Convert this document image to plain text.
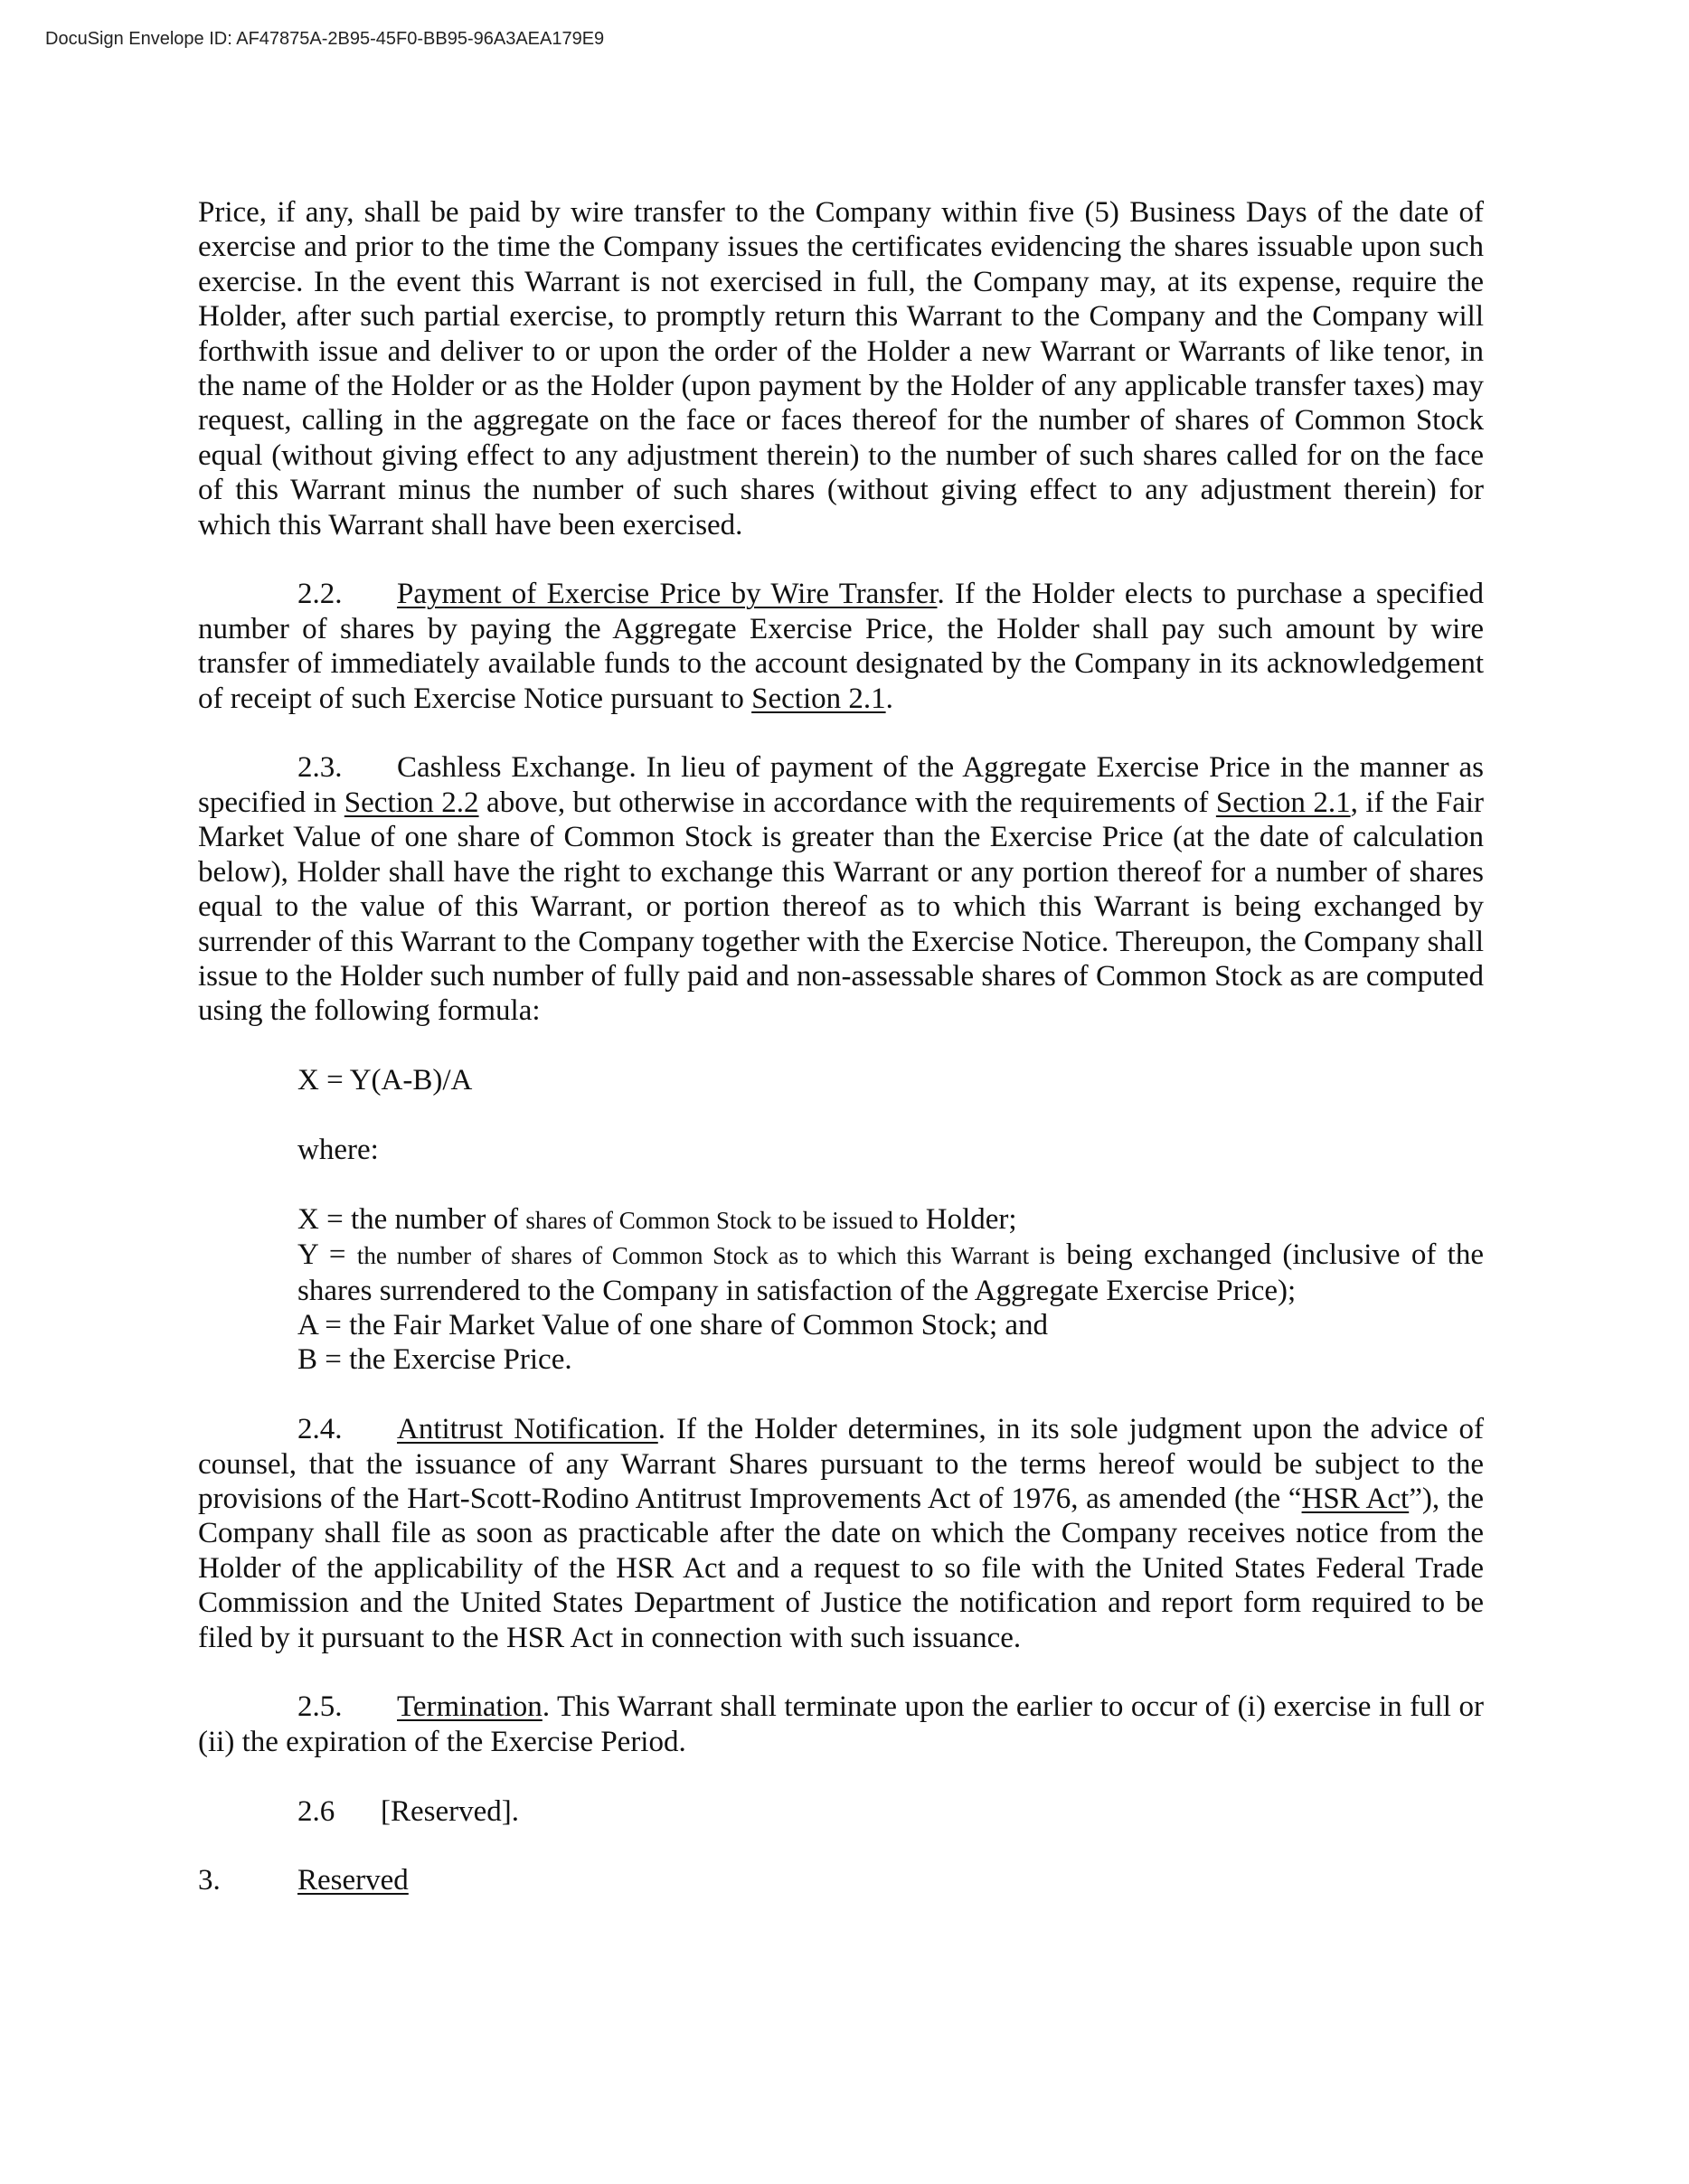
DocuSign Envelope ID: AF47875A-2B95-45F0-BB95-96A3AEA179E9

Price, if any, shall be paid by wire transfer to the Company within five (5) Business Days of the date of exercise and prior to the time the Company issues the certificates evidencing the shares issuable upon such exercise. In the event this Warrant is not exercised in full, the Company may, at its expense, require the Holder, after such partial exercise, to promptly return this Warrant to the Company and the Company will forthwith issue and deliver to or upon the order of the Holder a new Warrant or Warrants of like tenor, in the name of the Holder or as the Holder (upon payment by the Holder of any applicable transfer taxes) may request, calling in the aggregate on the face or faces thereof for the number of shares of Common Stock equal (without giving effect to any adjustment therein) to the number of such shares called for on the face of this Warrant minus the number of such shares (without giving effect to any adjustment therein) for which this Warrant shall have been exercised.

2.2. Payment of Exercise Price by Wire Transfer. If the Holder elects to purchase a specified number of shares by paying the Aggregate Exercise Price, the Holder shall pay such amount by wire transfer of immediately available funds to the account designated by the Company in its acknowledgement of receipt of such Exercise Notice pursuant to Section 2.1.

2.3. Cashless Exchange. In lieu of payment of the Aggregate Exercise Price in the manner as specified in Section 2.2 above, but otherwise in accordance with the requirements of Section 2.1, if the Fair Market Value of one share of Common Stock is greater than the Exercise Price (at the date of calculation below), Holder shall have the right to exchange this Warrant or any portion thereof for a number of shares equal to the value of this Warrant, or portion thereof as to which this Warrant is being exchanged by surrender of this Warrant to the Company together with the Exercise Notice. Thereupon, the Company shall issue to the Holder such number of fully paid and non-assessable shares of Common Stock as are computed using the following formula:

X = Y(A-B)/A

where:

X = the number of shares of Common Stock to be issued to Holder;

Y = the number of shares of Common Stock as to which this Warrant is being exchanged (inclusive of the shares surrendered to the Company in satisfaction of the Aggregate Exercise Price);

A = the Fair Market Value of one share of Common Stock; and

B = the Exercise Price.

2.4. Antitrust Notification. If the Holder determines, in its sole judgment upon the advice of counsel, that the issuance of any Warrant Shares pursuant to the terms hereof would be subject to the provisions of the Hart-Scott-Rodino Antitrust Improvements Act of 1976, as amended (the “HSR Act”), the Company shall file as soon as practicable after the date on which the Company receives notice from the Holder of the applicability of the HSR Act and a request to so file with the United States Federal Trade Commission and the United States Department of Justice the notification and report form required to be filed by it pursuant to the HSR Act in connection with such issuance.

2.5. Termination. This Warrant shall terminate upon the earlier to occur of (i) exercise in full or (ii) the expiration of the Exercise Period.

2.6	[Reserved].
3.	Reserved
